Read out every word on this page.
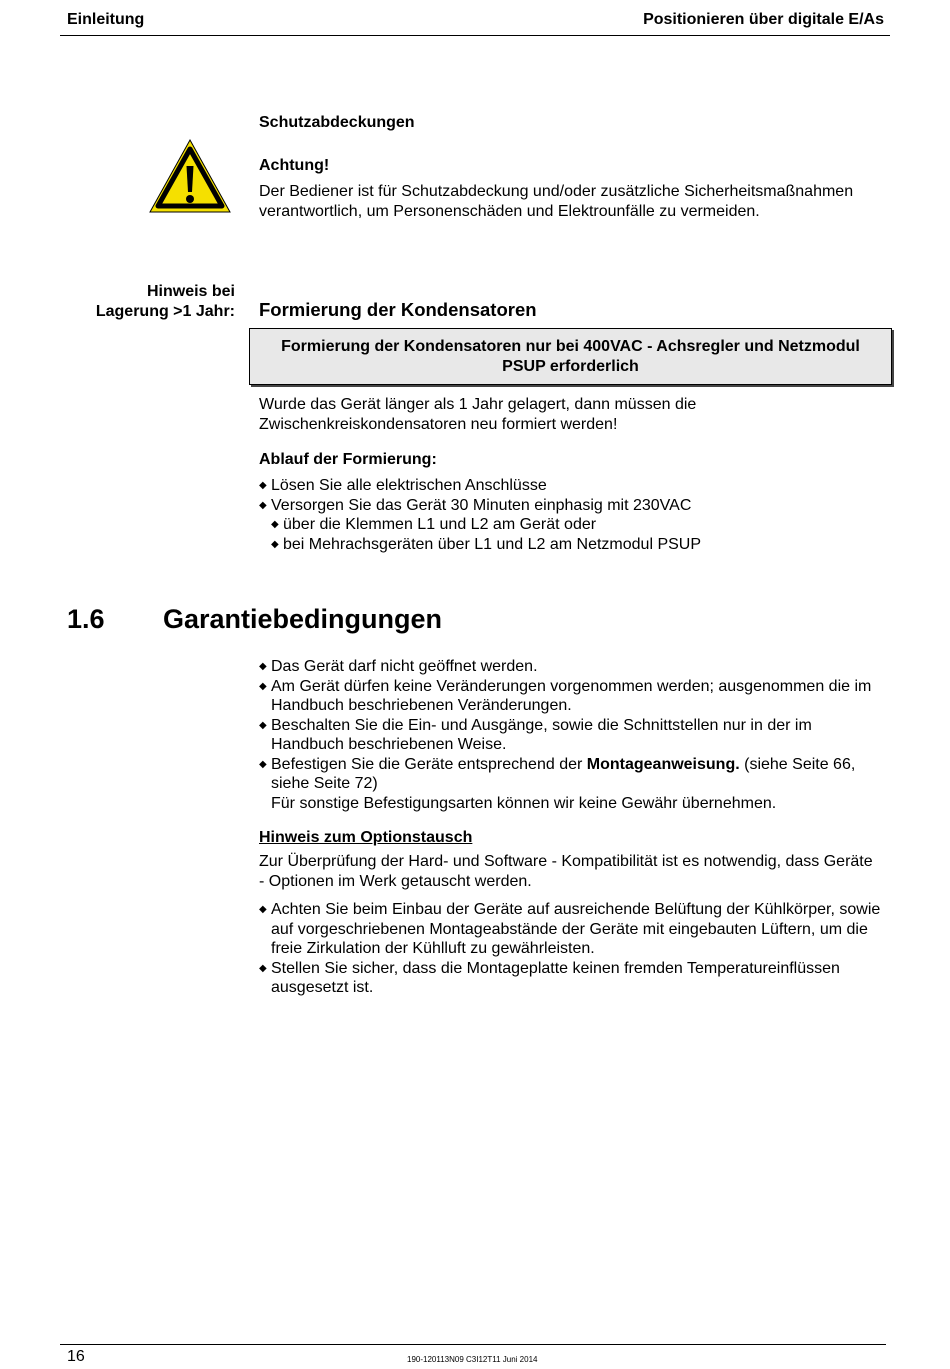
Einleitung	Positionieren über digitale E/As
Schutzabdeckungen
Achtung!
Der Bediener ist für Schutzabdeckung und/oder zusätzliche Sicherheitsmaßnahmen verantwortlich, um Personenschäden und Elektrounfälle zu vermeiden.
Hinweis bei
Lagerung >1 Jahr: Formierung der Kondensatoren
Formierung der Kondensatoren nur bei 400VAC - Achsregler und Netzmodul PSUP erforderlich
Wurde das Gerät länger als 1 Jahr gelagert, dann müssen die Zwischenkreiskondensatoren neu formiert werden!
Ablauf der Formierung:
◆ Lösen Sie alle elektrischen Anschlüsse
◆ Versorgen Sie das Gerät 30 Minuten einphasig mit 230VAC
◆ über die Klemmen L1 und L2 am Gerät oder
◆ bei Mehrachsgeräten über L1 und L2 am Netzmodul PSUP
1.6 Garantiebedingungen
◆ Das Gerät darf nicht geöffnet werden.
◆ Am Gerät dürfen keine Veränderungen vorgenommen werden; ausgenommen die im Handbuch beschriebenen Veränderungen.
◆ Beschalten Sie die Ein- und Ausgänge, sowie die Schnittstellen nur in der im Handbuch beschriebenen Weise.
◆ Befestigen Sie die Geräte entsprechend der Montageanweisung. (siehe Seite 66, siehe Seite 72)
Für sonstige Befestigungsarten können wir keine Gewähr übernehmen.
Hinweis zum Optionstausch
Zur Überprüfung der Hard- und Software - Kompatibilität ist es notwendig, dass Geräte - Optionen im Werk getauscht werden.
◆ Achten Sie beim Einbau der Geräte auf ausreichende Belüftung der Kühlkörper, sowie auf vorgeschriebenen Montageabstände der Geräte mit eingebauten Lüftern, um die freie Zirkulation der Kühlluft zu gewährleisten.
◆ Stellen Sie sicher, dass die Montageplatte keinen fremden Temperatureinflüssen ausgesetzt ist.
16	190-120113N09 C3I12T11 Juni 2014
